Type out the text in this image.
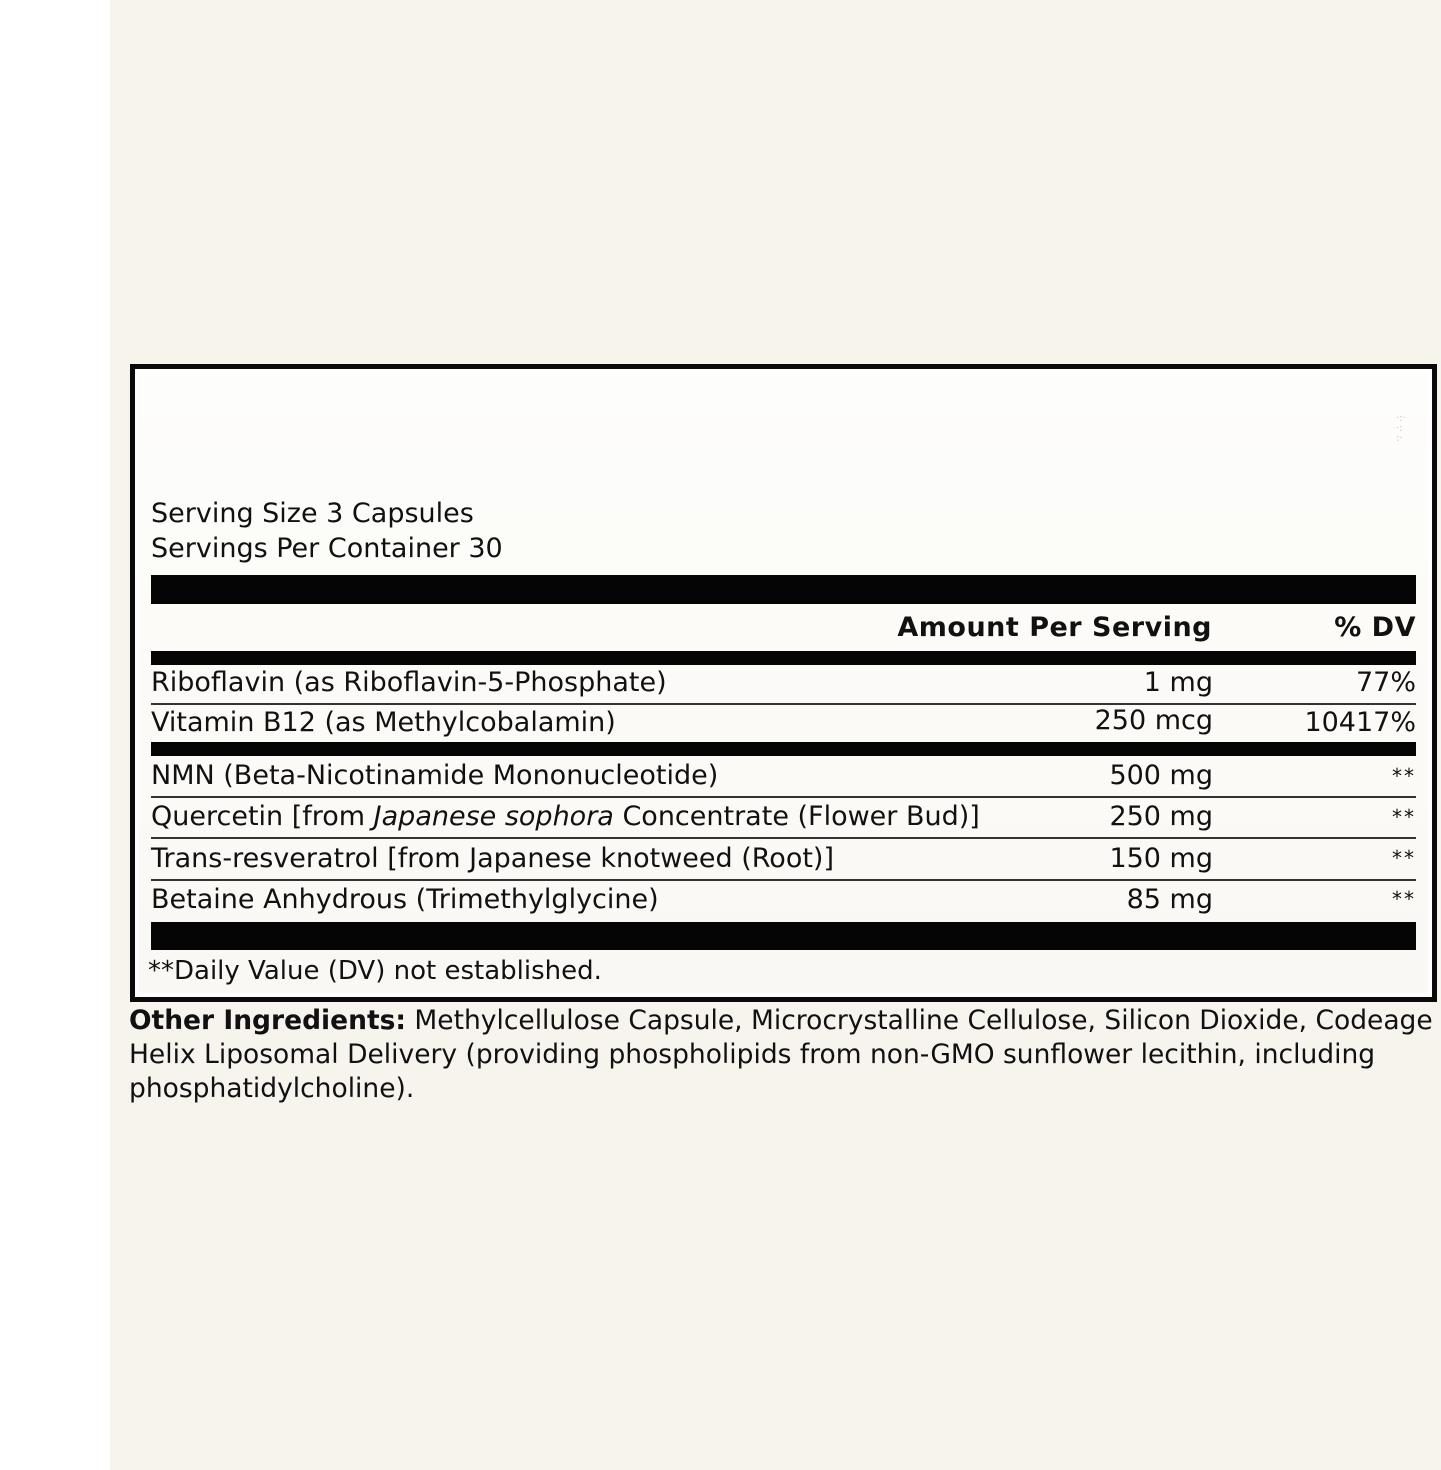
·:·
·:
:·
Serving Size 3 Capsules
Servings Per Container 30
Amount Per Serving	% DV
Riboflavin (as Riboflavin-5-Phosphate)	1 mg	77%
Vitamin B12 (as Methylcobalamin)	250 mcg	10417%
NMN (Beta-Nicotinamide Mononucleotide)	500 mg	**
Quercetin [from Japanese sophora Concentrate (Flower Bud)]	250 mg	**
Trans-resveratrol [from Japanese knotweed (Root)]	150 mg	**
Betaine Anhydrous (Trimethylglycine)	85 mg	**
**Daily Value (DV) not established.
Other Ingredients: Methylcellulose Capsule, Microcrystalline Cellulose, Silicon Dioxide, Codeage Helix Liposomal Delivery (providing phospholipids from non-GMO sunflower lecithin, including phosphatidylcholine).
